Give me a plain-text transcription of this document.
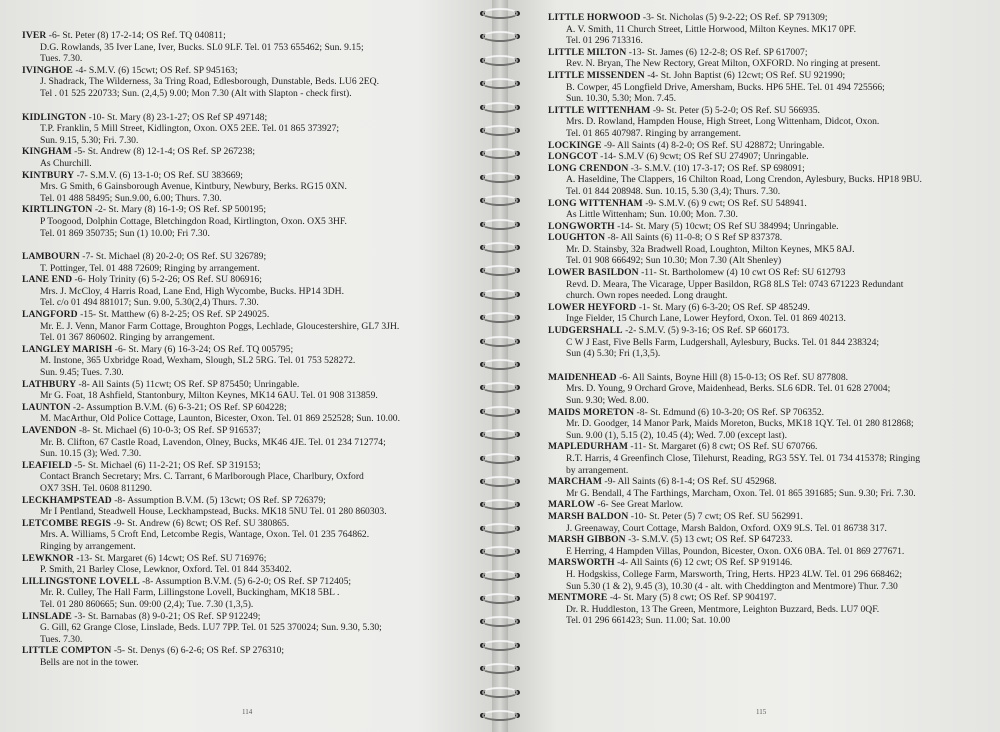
IVER -6- St. Peter (8) 17-2-14; OS Ref. TQ 040811;
D.G. Rowlands, 35 Iver Lane, Iver, Bucks. SL0 9LF. Tel. 01 753 655462; Sun. 9.15;
Tues. 7.30.
IVINGHOE -4- S.M.V. (6) 15cwt; OS Ref. SP 945163;
J. Shadrack, The Wilderness, 3a Tring Road, Edlesborough, Dunstable, Beds. LU6 2EQ.
Tel . 01 525 220733; Sun. (2,4,5) 9.00; Mon 7.30 (Alt with Slapton - check first).
KIDLINGTON -10- St. Mary (8) 23-1-27; OS Ref SP 497148;
T.P. Franklin, 5 Mill Street, Kidlington, Oxon. OX5 2EE. Tel. 01 865 373927;
Sun. 9.15, 5.30; Fri. 7.30.
KINGHAM -5- St. Andrew (8) 12-1-4; OS Ref. SP 267238;
As Churchill.
KINTBURY -7- S.M.V. (6) 13-1-0; OS Ref. SU 383669;
Mrs. G Smith, 6 Gainsborough Avenue, Kintbury, Newbury, Berks. RG15 0XN.
Tel. 01 488 58495; Sun.9.00, 6.00; Thurs. 7.30.
KIRTLINGTON -2- St. Mary (8) 16-1-9; OS Ref. SP 500195;
P Toogood, Dolphin Cottage, Bletchingdon Road, Kirtlington, Oxon. OX5 3HF.
Tel. 01 869 350735; Sun (1) 10.00; Fri 7.30.
LAMBOURN -7- St. Michael (8) 20-2-0; OS Ref. SU 326789;
T. Pottinger, Tel. 01 488 72609; Ringing by arrangement.
LANE END -6- Holy Trinity (6) 5-2-26; OS Ref. SU 806916;
Mrs. J. McCloy, 4 Harris Road, Lane End, High Wycombe, Bucks. HP14 3DH.
Tel. c/o 01 494 881017; Sun. 9.00, 5.30(2,4) Thurs. 7.30.
LANGFORD -15- St. Matthew (6) 8-2-25; OS Ref. SP 249025.
Mr. E. J. Venn, Manor Farm Cottage, Broughton Poggs, Lechlade, Gloucestershire, GL7 3JH.
Tel. 01 367 860602. Ringing by arrangement.
LANGLEY MARISH -6- St. Mary (6) 16-3-24; OS Ref. TQ 005795;
M. Instone, 365 Uxbridge Road, Wexham, Slough, SL2 5RG. Tel. 01 753 528272.
Sun. 9.45; Tues. 7.30.
LATHBURY -8- All Saints (5) 11cwt; OS Ref. SP 875450; Unringable.
Mr G. Foat, 18 Ashfield, Stantonbury, Milton Keynes, MK14 6AU. Tel. 01 908 313859.
LAUNTON -2- Assumption B.V.M. (6) 6-3-21; OS Ref. SP 604228;
M. MacArthur, Old Police Cottage, Launton, Bicester, Oxon. Tel. 01 869 252528; Sun. 10.00.
LAVENDON -8- St. Michael (6) 10-0-3; OS Ref. SP 916537;
Mr. B. Clifton, 67 Castle Road, Lavendon, Olney, Bucks, MK46 4JE. Tel. 01 234 712774;
Sun. 10.15 (3); Wed. 7.30.
LEAFIELD -5- St. Michael (6) 11-2-21; OS Ref. SP 319153;
Contact Branch Secretary; Mrs. C. Tarrant, 6 Marlborough Place, Charlbury, Oxford
OX7 3SH. Tel. 0608 811290.
LECKHAMPSTEAD -8- Assumption B.V.M. (5) 13cwt; OS Ref. SP 726379;
Mr I Pentland, Steadwell House, Leckhampstead, Bucks. MK18 5NU Tel. 01 280 860303.
LETCOMBE REGIS -9- St. Andrew (6) 8cwt; OS Ref. SU 380865.
Mrs. A. Williams, 5 Croft End, Letcombe Regis, Wantage, Oxon. Tel. 01 235 764862.
Ringing by arrangement.
LEWKNOR -13- St. Margaret (6) 14cwt; OS Ref. SU 716976;
P. Smith, 21 Barley Close, Lewknor, Oxford. Tel. 01 844 353402.
LILLINGSTONE LOVELL -8- Assumption B.V.M. (5) 6-2-0; OS Ref. SP 712405;
Mr. R. Culley, The Hall Farm, Lillingstone Lovell, Buckingham, MK18 5BL .
Tel. 01 280 860665; Sun. 09:00 (2,4); Tue. 7.30 (1,3,5).
LINSLADE -3- St. Barnabas (8) 9-0-21; OS Ref. SP 912249;
G. Gill, 62 Grange Close, Linslade, Beds. LU7 7PP. Tel. 01 525 370024; Sun. 9.30, 5.30;
Tues. 7.30.
LITTLE COMPTON -5- St. Denys (6) 6-2-6; OS Ref. SP 276310;
Bells are not in the tower.
LITTLE HORWOOD -3- St. Nicholas (5) 9-2-22; OS Ref. SP 791309;
A. V. Smith, 11 Church Street, Little Horwood, Milton Keynes. MK17 0PF.
Tel. 01 296 713316.
LITTLE MILTON -13- St. James (6) 12-2-8; OS Ref. SP 617007;
Rev. N. Bryan, The New Rectory, Great Milton, OXFORD. No ringing at present.
LITTLE MISSENDEN -4- St. John Baptist (6) 12cwt; OS Ref. SU 921990;
B. Cowper, 45 Longfield Drive, Amersham, Bucks. HP6 5HE. Tel. 01 494 725566;
Sun. 10.30, 5.30; Mon. 7.45.
LITTLE WITTENHAM -9- St. Peter (5) 5-2-0; OS Ref. SU 566935.
Mrs. D. Rowland, Hampden House, High Street, Long Wittenham, Didcot, Oxon.
Tel. 01 865 407987. Ringing by arrangement.
LOCKINGE -9- All Saints (4) 8-2-0; OS Ref. SU 428872; Unringable.
LONGCOT -14- S.M.V (6) 9cwt; OS Ref SU 274907; Unringable.
LONG CRENDON -3- S.M.V. (10) 17-3-17; OS Ref. SP 698091;
A. Haseldine, The Clappers, 16 Chilton Road, Long Crendon, Aylesbury, Bucks. HP18 9BU.
Tel. 01 844 208948. Sun. 10.15, 5.30 (3,4); Thurs. 7.30.
LONG WITTENHAM -9- S.M.V. (6) 9 cwt; OS Ref. SU 548941.
As Little Wittenham; Sun. 10.00; Mon. 7.30.
LONGWORTH -14- St. Mary (5) 10cwt; OS Ref SU 384994; Unringable.
LOUGHTON -8- All Saints (6) 11-0-8; O S Ref SP 837378.
Mr. D. Stainsby, 32a Bradwell Road, Loughton, Milton Keynes, MK5 8AJ.
Tel. 01 908 666492; Sun 10.30; Mon 7.30 (Alt Shenley)
LOWER BASILDON -11- St. Bartholomew (4) 10 cwt OS Ref: SU 612793
Revd. D. Meara, The Vicarage, Upper Basildon, RG8 8LS Tel: 0743 671223 Redundant
church. Own ropes needed. Long draught.
LOWER HEYFORD -1- St. Mary (6) 6-3-20; OS Ref. SP 485249.
Inge Fielder, 15 Church Lane, Lower Heyford, Oxon. Tel. 01 869 40213.
LUDGERSHALL -2- S.M.V. (5) 9-3-16; OS Ref. SP 660173.
C W J East, Five Bells Farm, Ludgershall, Aylesbury, Bucks. Tel. 01 844 238324;
Sun (4) 5.30; Fri (1,3,5).
MAIDENHEAD -6- All Saints, Boyne Hill (8) 15-0-13; OS Ref. SU 877808.
Mrs. D. Young, 9 Orchard Grove, Maidenhead, Berks. SL6 6DR. Tel. 01 628 27004;
Sun. 9.30; Wed. 8.00.
MAIDS MORETON -8- St. Edmund (6) 10-3-20; OS Ref. SP 706352.
Mr. D. Goodger, 14 Manor Park, Maids Moreton, Bucks, MK18 1QY. Tel. 01 280 812868;
Sun. 9.00 (1), 5.15 (2), 10.45 (4); Wed. 7.00 (except last).
MAPLEDURHAM -11- St. Margaret (6) 8 cwt; OS Ref. SU 670766.
R.T. Harris, 4 Greenfinch Close, Tilehurst, Reading, RG3 5SY. Tel. 01 734 415378; Ringing
by arrangement.
MARCHAM -9- All Saints (6) 8-1-4; OS Ref. SU 452968.
Mr G. Bendall, 4 The Farthings, Marcham, Oxon. Tel. 01 865 391685; Sun. 9.30; Fri. 7.30.
MARLOW -6- See Great Marlow.
MARSH BALDON -10- St. Peter (5) 7 cwt; OS Ref. SU 562991.
J. Greenaway, Court Cottage, Marsh Baldon, Oxford. OX9 9LS. Tel. 01 86738 317.
MARSH GIBBON -3- S.M.V. (5) 13 cwt; OS Ref. SP 647233.
E Herring, 4 Hampden Villas, Poundon, Bicester, Oxon. OX6 0BA. Tel. 01 869 277671.
MARSWORTH -4- All Saints (6) 12 cwt; OS Ref. SP 919146.
H. Hodgskiss, College Farm, Marsworth, Tring, Herts. HP23 4LW. Tel. 01 296 668462;
Sun 5.30 (1 & 2), 9.45 (3), 10.30 (4 - alt. with Cheddington and Mentmore) Thur. 7.30
MENTMORE -4- St. Mary (5) 8 cwt; OS Ref. SP 904197.
Dr. R. Huddleston, 13 The Green, Mentmore, Leighton Buzzard, Beds. LU7 0QF.
Tel. 01 296 661423; Sun. 11.00; Sat. 10.00
114	115
